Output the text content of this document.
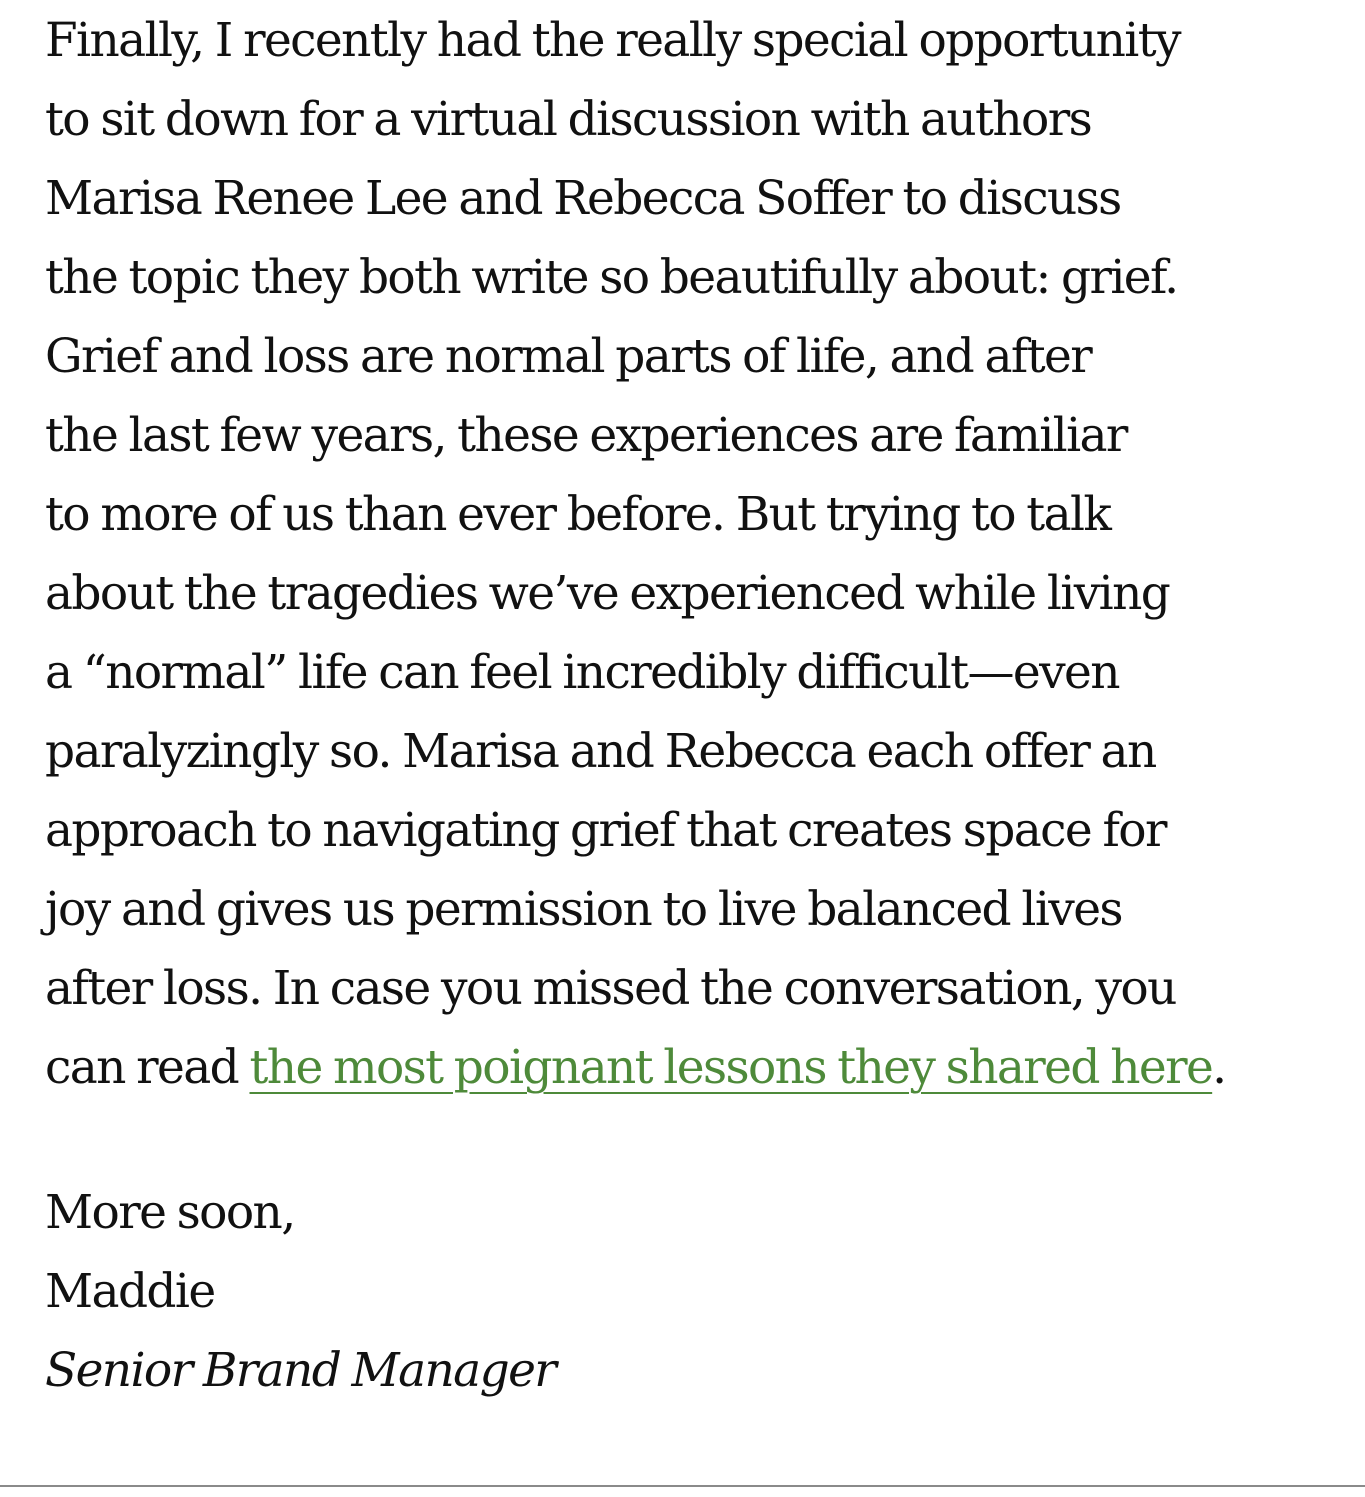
Finally, I recently had the really special opportunity
to sit down for a virtual discussion with authors
Marisa Renee Lee and Rebecca Soffer to discuss
the topic they both write so beautifully about: grief.
Grief and loss are normal parts of life, and after
the last few years, these experiences are familiar
to more of us than ever before. But trying to talk
about the tragedies we’ve experienced while living
a “normal” life can feel incredibly difficult—even
paralyzingly so. Marisa and Rebecca each offer an
approach to navigating grief that creates space for
joy and gives us permission to live balanced lives
after loss. In case you missed the conversation, you
can read the most poignant lessons they shared here.

More soon,
Maddie
Senior Brand Manager
